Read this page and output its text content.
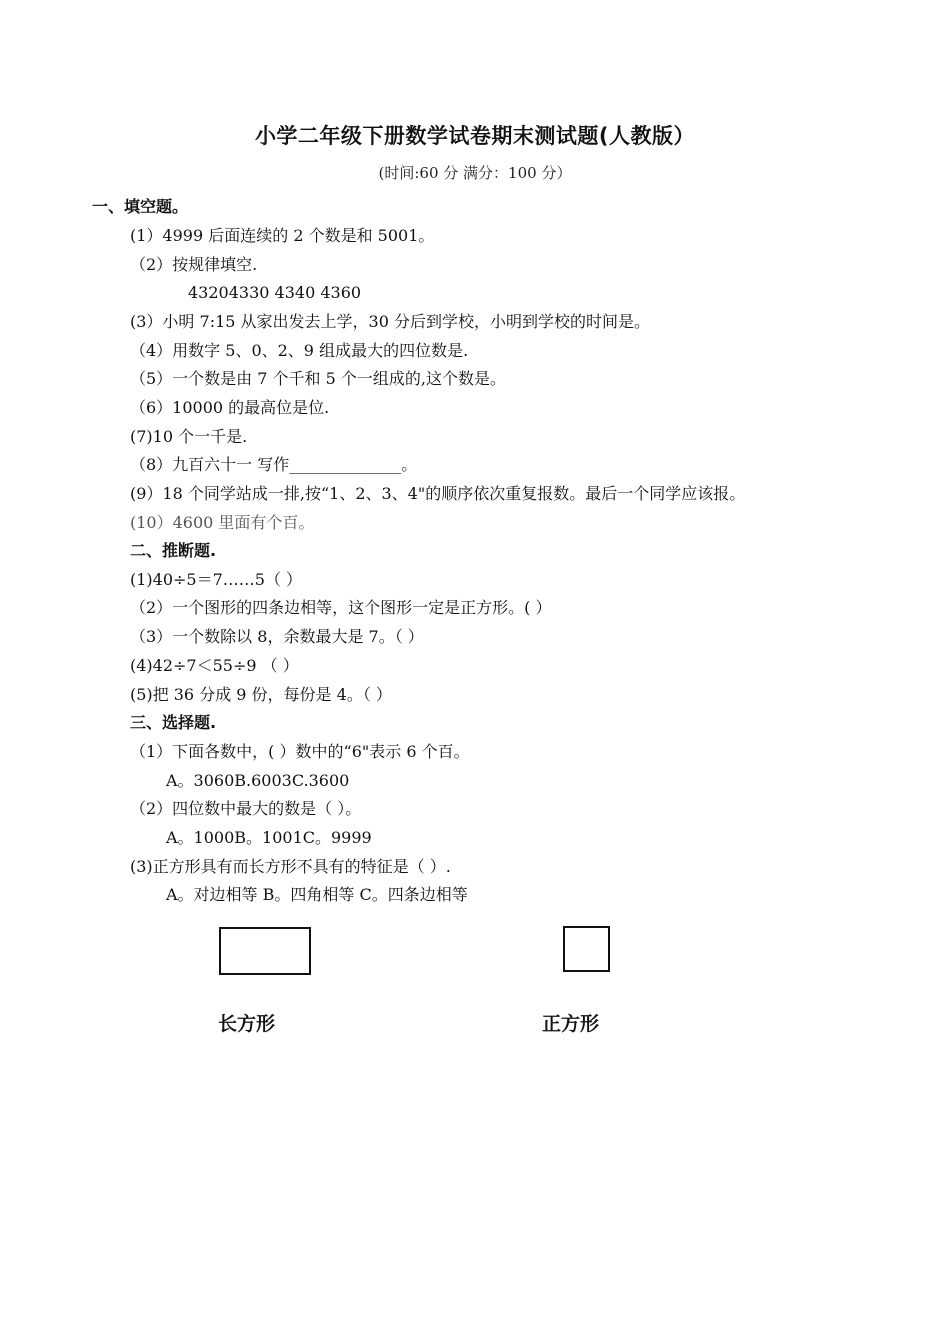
小学二年级下册数学试卷期末测试题(人教版）
(时间:60 分 满分：100 分）
一、填空题。
(1）4999 后面连续的 2 个数是和 5001。
（2）按规律填空.
43204330 4340 4360
(3）小明 7:15 从家出发去上学，30 分后到学校，小明到学校的时间是。
（4）用数字 5、0、2、9 组成最大的四位数是.
（5）一个数是由 7 个千和 5 个一组成的,这个数是。
（6）10000 的最高位是位.
(7)10 个一千是.
（8）九百六十一 写作______________。
(9）18 个同学站成一排,按“1、2、3、4"的顺序依次重复报数。最后一个同学应该报。
(10）4600 里面有个百。
二、推断题.
(1)40÷5＝7……5（ ）
（2）一个图形的四条边相等，这个图形一定是正方形。( ）
（3）一个数除以 8，余数最大是 7。（ ）
(4)42÷7＜55÷9 （ ）
(5)把 36 分成 9 份，每份是 4。（ ）
三、选择题.
（1）下面各数中，( ）数中的“6"表示 6 个百。
A。3060B.6003C.3600
（2）四位数中最大的数是（ ）。
A。1000B。1001C。9999
(3)正方形具有而长方形不具有的特征是（ ）.
A。对边相等 B。四角相等 C。四条边相等
长方形	正方形
